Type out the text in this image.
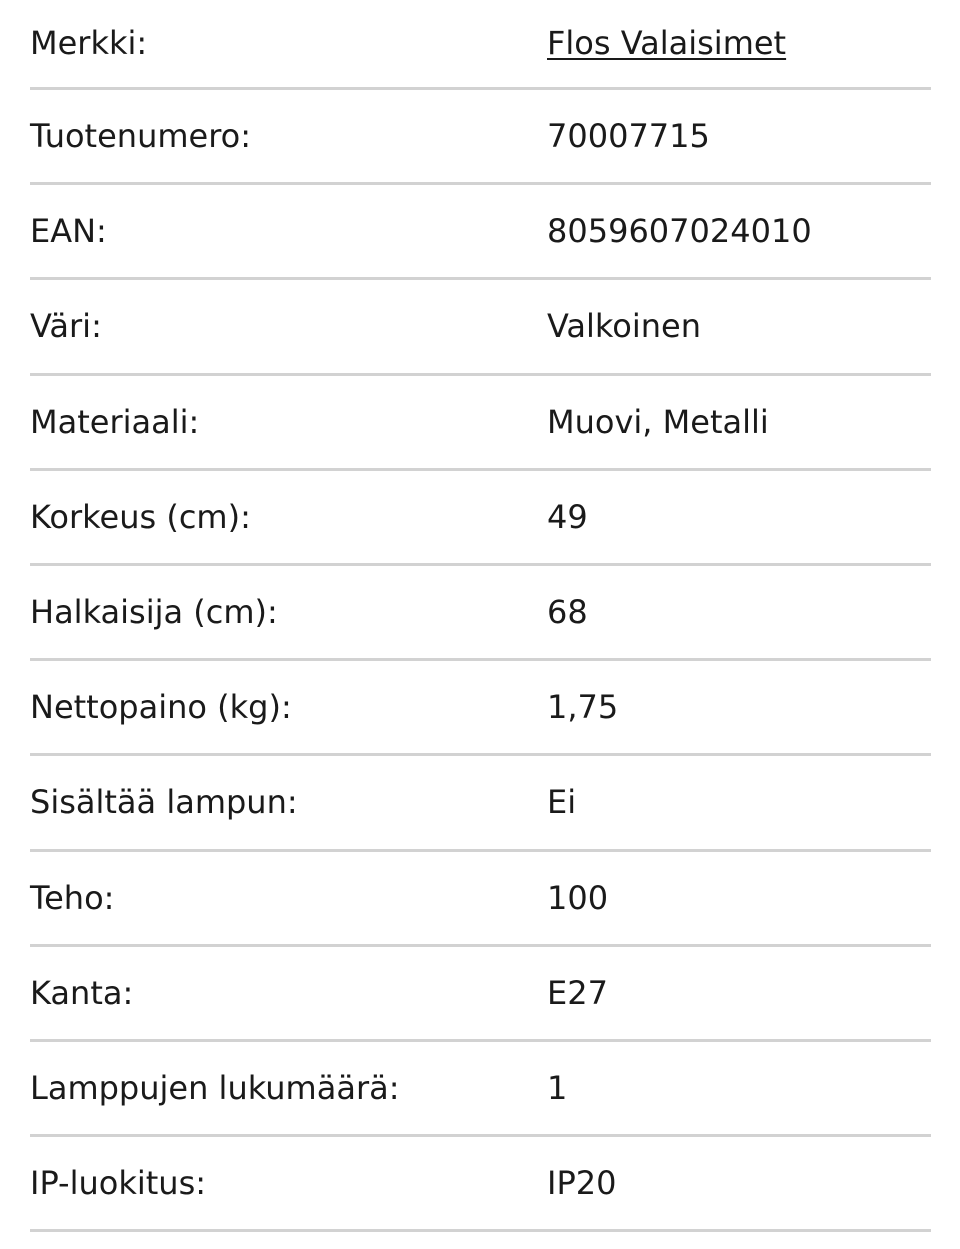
Merkki:	Flos Valaisimet
Tuotenumero:	70007715
EAN:	8059607024010
Väri:	Valkoinen
Materiaali:	Muovi, Metalli
Korkeus (cm):	49
Halkaisija (cm):	68
Nettopaino (kg):	1,75
Sisältää lampun:	Ei
Teho:	100
Kanta:	E27
Lamppujen lukumäärä:	1
IP-luokitus:	IP20
